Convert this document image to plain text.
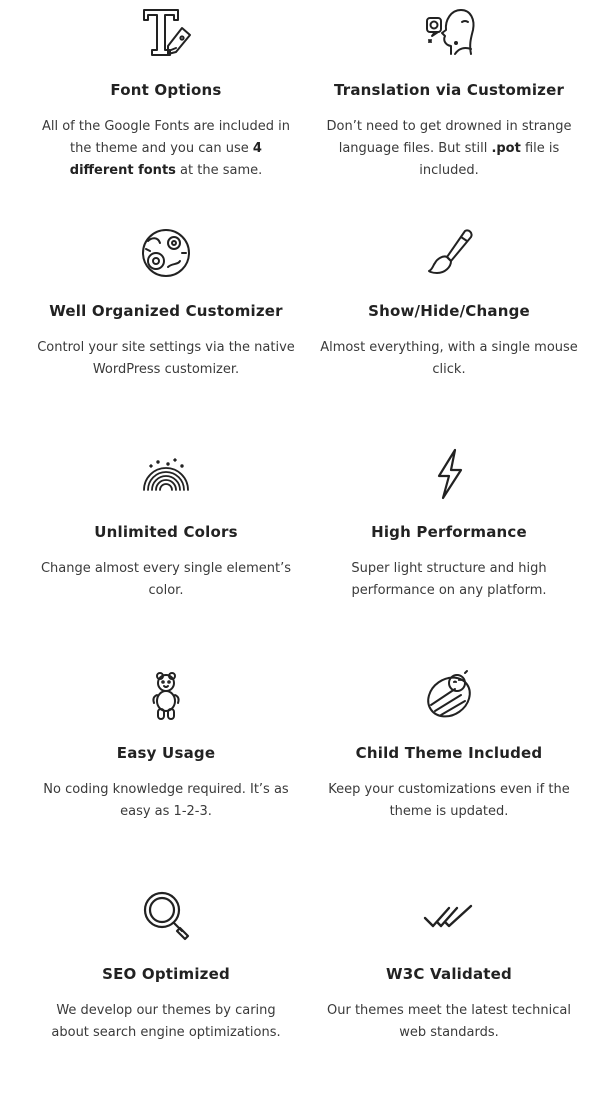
Font Options
All of the Google Fonts are included in the theme and you can use 4 different fonts at the same.
Translation via Customizer
Don’t need to get drowned in strange language files. But still .pot file is included.
Well Organized Customizer
Control your site settings via the native WordPress customizer.
Show/Hide/Change
Almost everything, with a single mouse click.
Unlimited Colors
Change almost every single element’s color.
High Performance
Super light structure and high performance on any platform.
Easy Usage
No coding knowledge required. It’s as easy as 1-2-3.
Child Theme Included
Keep your customizations even if the theme is updated.
SEO Optimized
We develop our themes by caring about search engine optimizations.
W3C Validated
Our themes meet the latest technical web standards.
